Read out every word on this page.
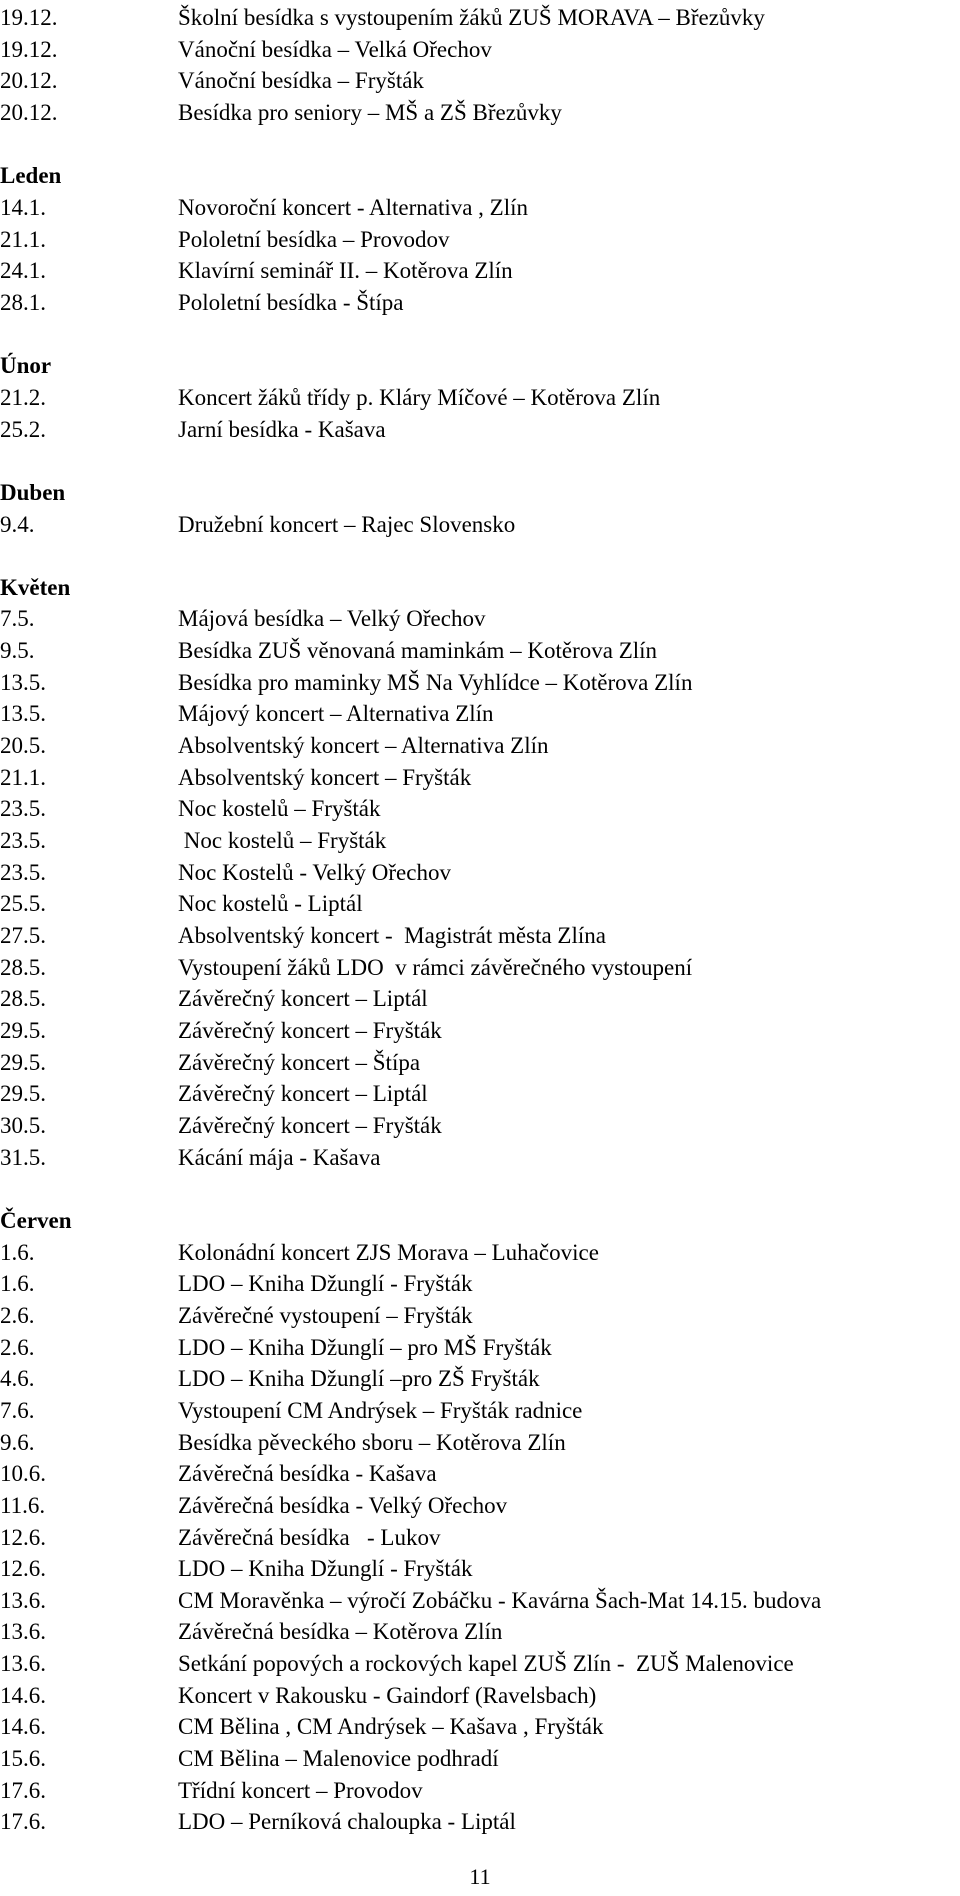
19.12.	Školní besídka s vystoupením žáků ZUŠ MORAVA – Březůvky
19.12.	Vánoční besídka – Velká Ořechov
20.12.	Vánoční besídka – Fryšták
20.12.	Besídka pro seniory – MŠ a ZŠ Březůvky
Leden
14.1.	Novoroční koncert - Alternativa , Zlín
21.1.	Pololetní besídka – Provodov
24.1.	Klavírní seminář II. – Kotěrova Zlín
28.1.	Pololetní besídka - Štípa
Únor
21.2.	Koncert žáků třídy p. Kláry Míčové – Kotěrova Zlín
25.2.	Jarní besídka - Kašava
Duben
9.4.	Družební koncert – Rajec Slovensko
Květen
7.5.	Májová besídka – Velký Ořechov
9.5.	Besídka ZUŠ věnovaná maminkám – Kotěrova Zlín
13.5.	Besídka pro maminky MŠ Na Vyhlídce – Kotěrova Zlín
13.5.	Májový koncert – Alternativa Zlín
20.5.	Absolventský koncert – Alternativa Zlín
21.1.	Absolventský koncert – Fryšták
23.5.	Noc kostelů – Fryšták
23.5.	Noc kostelů – Fryšták
23.5.	Noc Kostelů - Velký Ořechov
25.5.	Noc kostelů - Liptál
27.5.	Absolventský koncert -  Magistrát města Zlína
28.5.	Vystoupení žáků LDO  v rámci závěrečného vystoupení
28.5.	Závěrečný koncert – Liptál
29.5.	Závěrečný koncert – Fryšták
29.5.	Závěrečný koncert – Štípa
29.5.	Závěrečný koncert – Liptál
30.5.	Závěrečný koncert – Fryšták
31.5.	Kácání mája - Kašava
Červen
1.6.	Kolonádní koncert ZJS Morava – Luhačovice
1.6.	LDO – Kniha Džunglí - Fryšták
2.6.	Závěrečné vystoupení – Fryšták
2.6.	LDO – Kniha Džunglí – pro MŠ Fryšták
4.6.	LDO – Kniha Džunglí –pro ZŠ Fryšták
7.6.	Vystoupení CM Andrýsek – Fryšták radnice
9.6.	Besídka pěveckého sboru – Kotěrova Zlín
10.6.	Závěrečná besídka - Kašava
11.6.	Závěrečná besídka - Velký Ořechov
12.6.	Závěrečná besídka   - Lukov
12.6.	LDO – Kniha Džunglí - Fryšták
13.6.	CM Moravěnka – výročí Zobáčku - Kavárna Šach-Mat 14.15. budova
13.6.	Závěrečná besídka – Kotěrova Zlín
13.6.	Setkání popových a rockových kapel ZUŠ Zlín -  ZUŠ Malenovice
14.6.	Koncert v Rakousku - Gaindorf (Ravelsbach)
14.6.	CM Bělina , CM Andrýsek – Kašava , Fryšták
15.6.	CM Bělina – Malenovice podhradí
17.6.	Třídní koncert – Provodov
17.6.	LDO – Perníková chaloupka - Liptál
11
